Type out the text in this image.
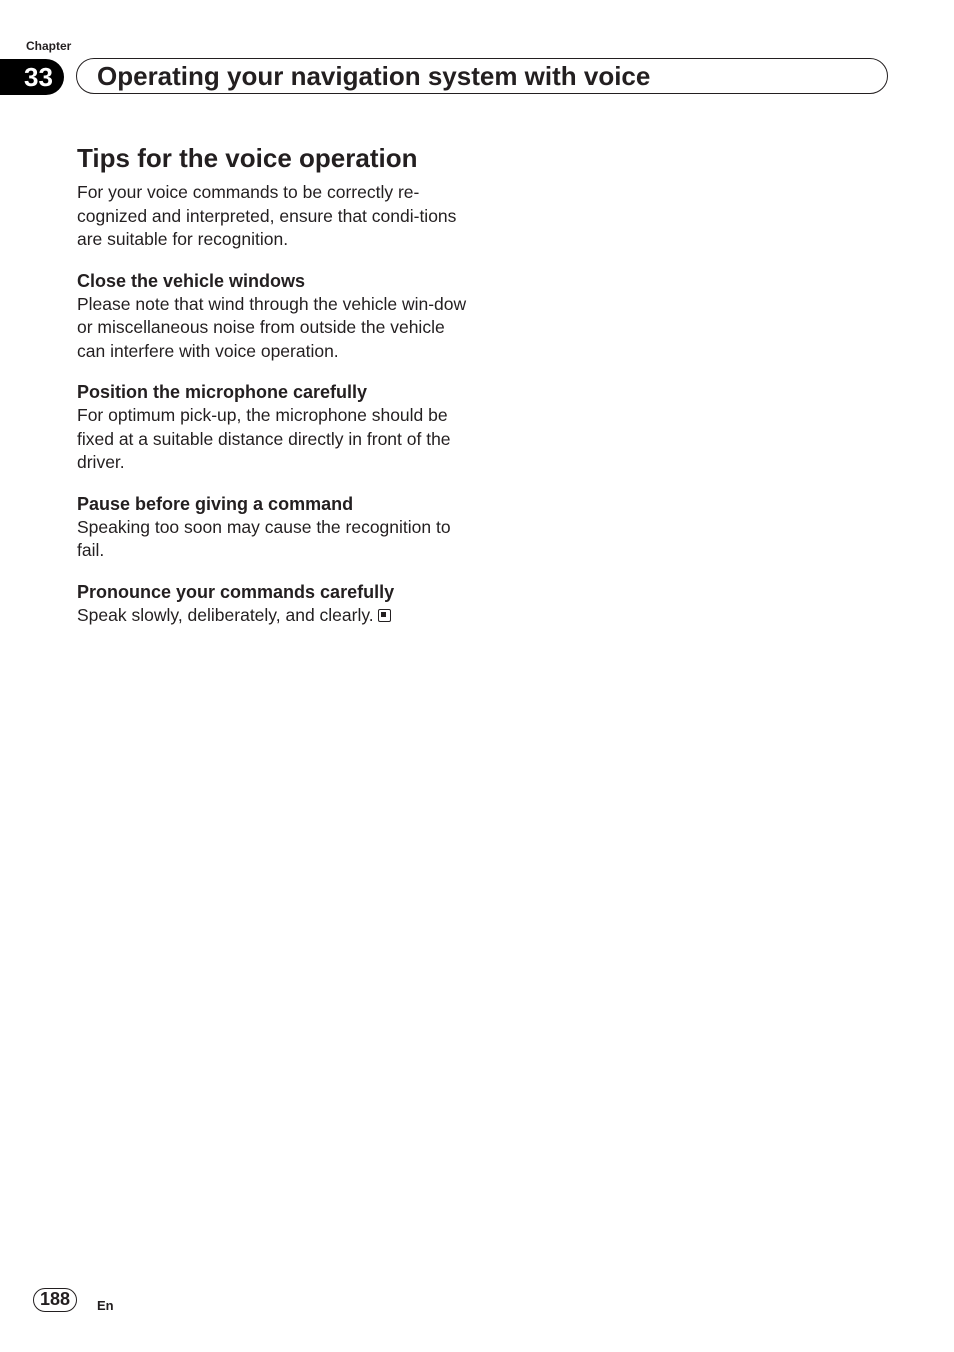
Chapter
33	Operating your navigation system with voice
Tips for the voice operation

For your voice commands to be correctly re-cognized and interpreted, ensure that condi-tions are suitable for recognition.

Close the vehicle windows

Please note that wind through the vehicle win-dow or miscellaneous noise from outside the vehicle can interfere with voice operation.

Position the microphone carefully

For optimum pick-up, the microphone should be fixed at a suitable distance directly in front of the driver.

Pause before giving a command

Speaking too soon may cause the recognition to fail.

Pronounce your commands carefully

Speak slowly, deliberately, and clearly.

188	En
